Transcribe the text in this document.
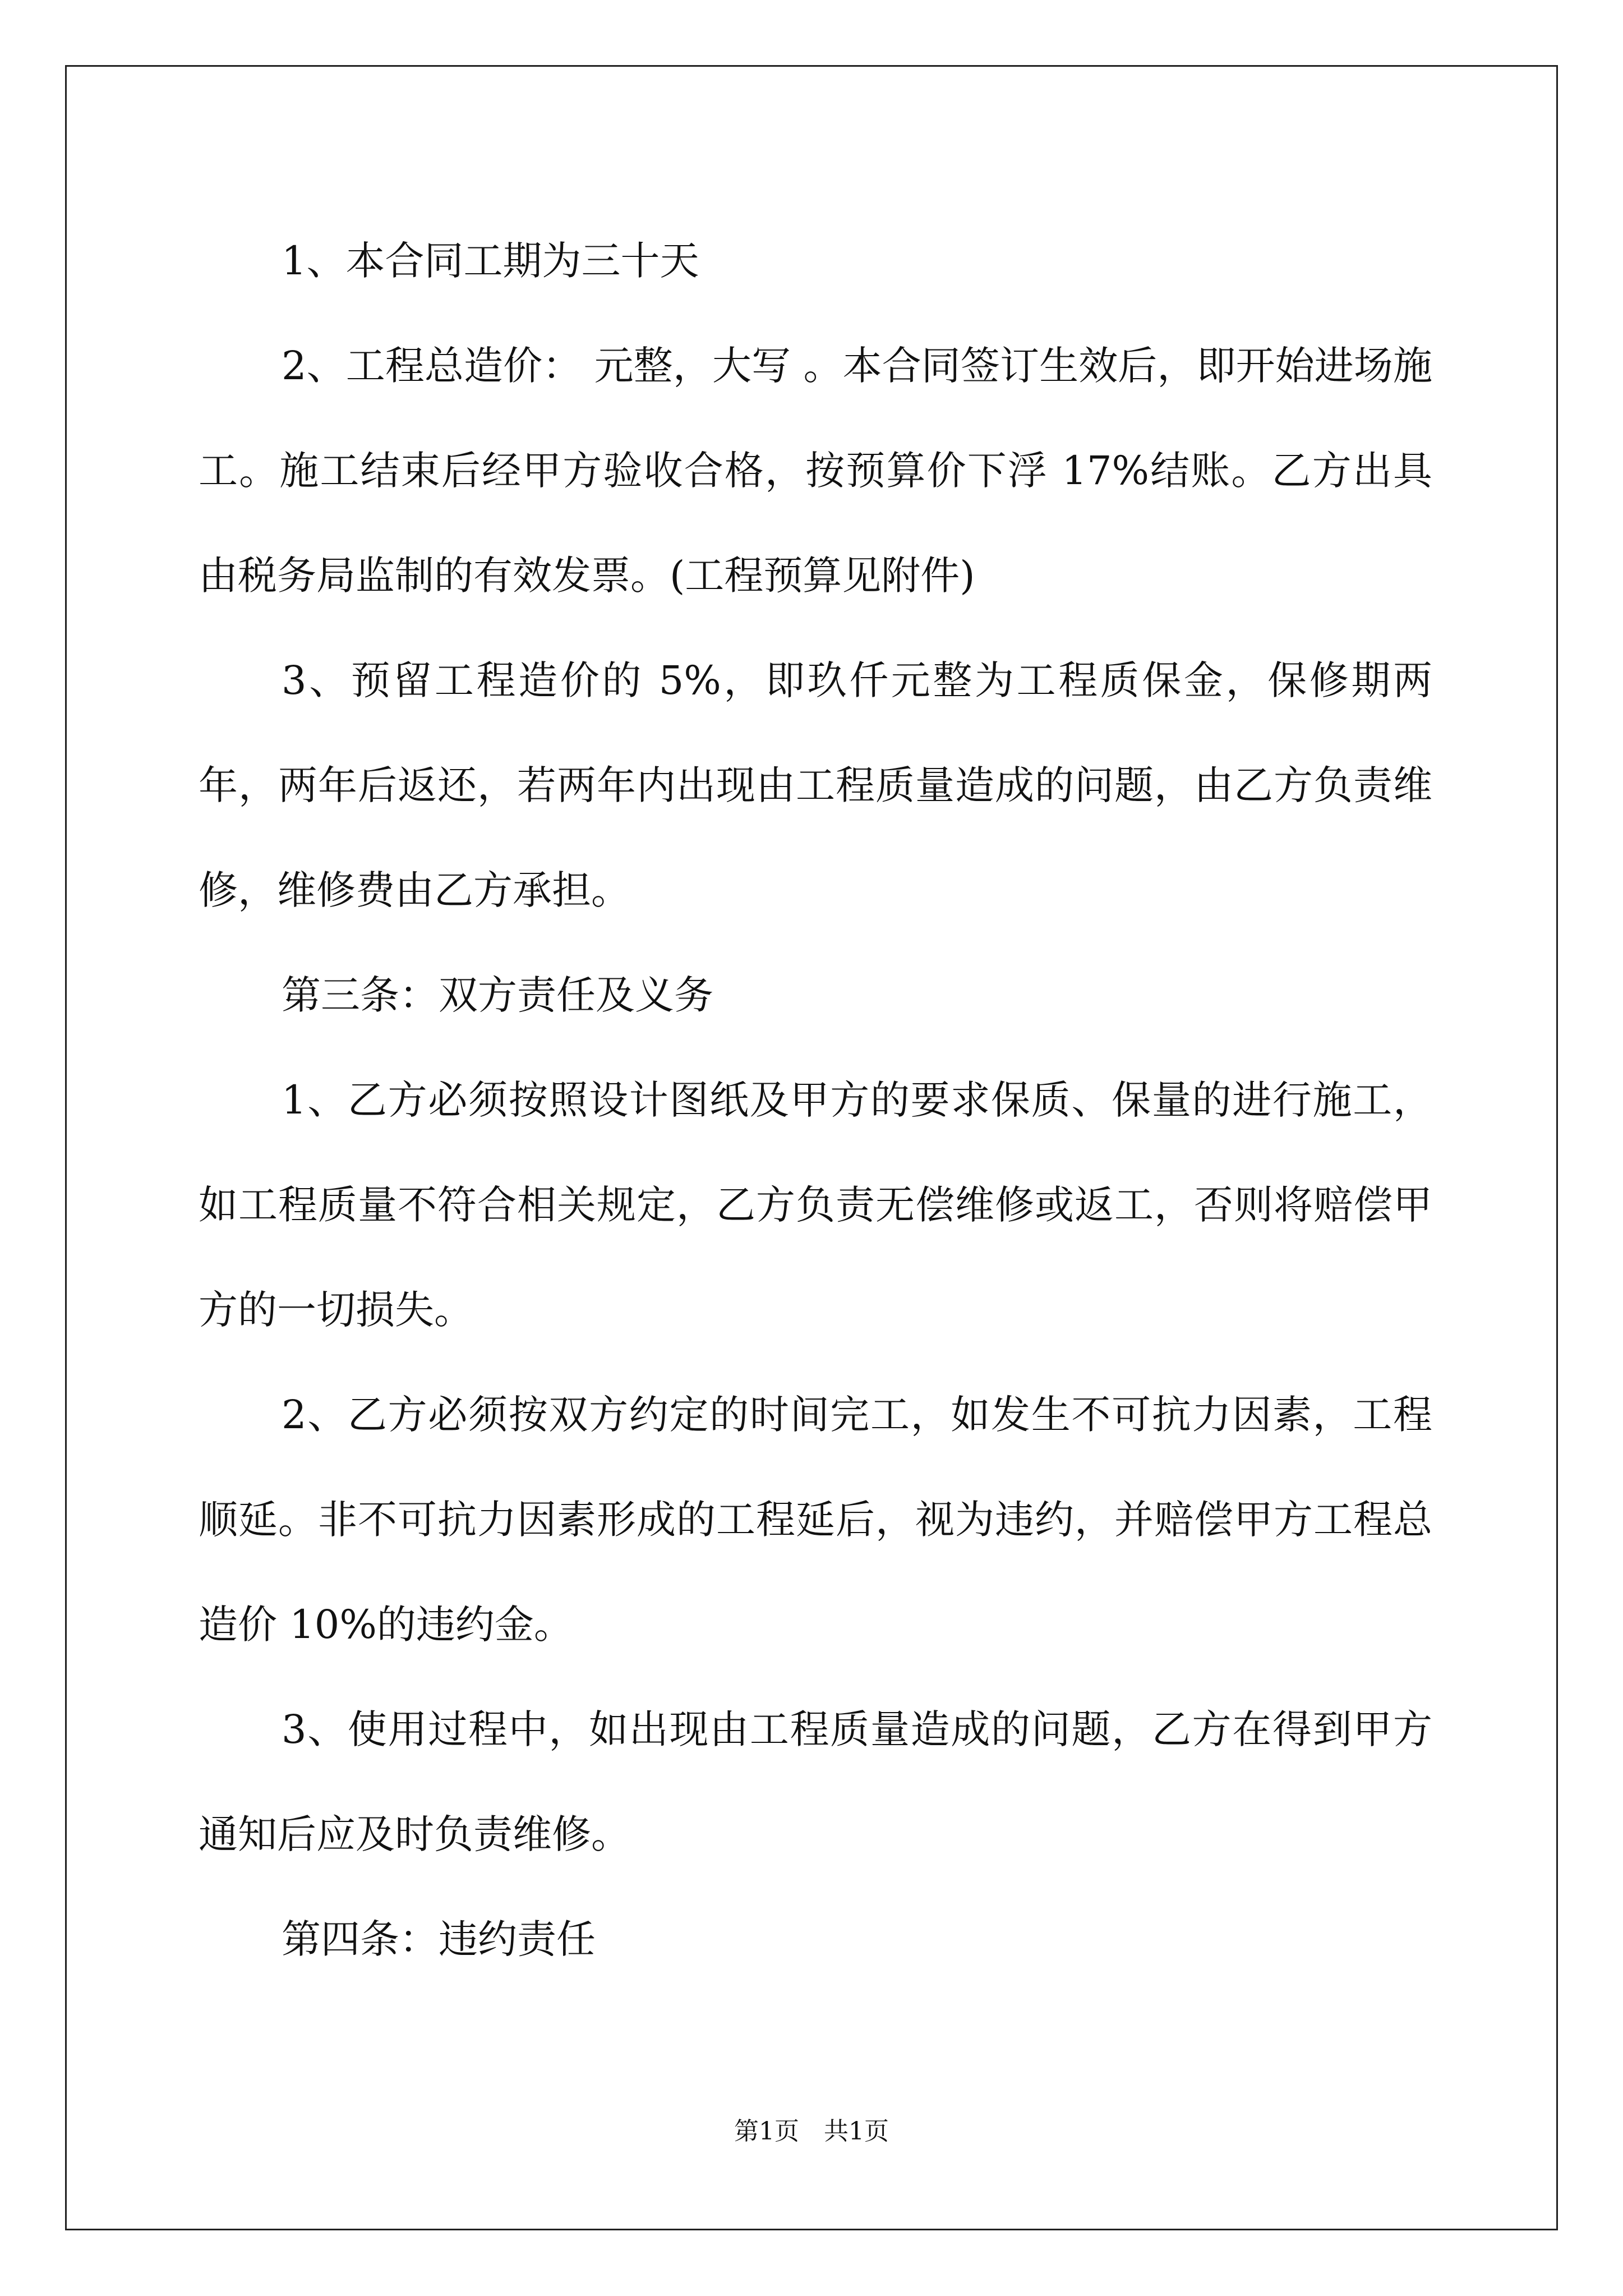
1、本合同工期为三十天

2、工程总造价： 元整，大写 。本合同签订生效后，即开始进场施工。施工结束后经甲方验收合格，按预算价下浮 17%结账。乙方出具由税务局监制的有效发票。(工程预算见附件)

3、预留工程造价的 5%，即玖仟元整为工程质保金，保修期两年，两年后返还，若两年内出现由工程质量造成的问题，由乙方负责维修，维修费由乙方承担。

第三条：双方责任及义务

1、乙方必须按照设计图纸及甲方的要求保质、保量的进行施工，如工程质量不符合相关规定，乙方负责无偿维修或返工，否则将赔偿甲方的一切损失。

2、乙方必须按双方约定的时间完工，如发生不可抗力因素，工程顺延。非不可抗力因素形成的工程延后，视为违约，并赔偿甲方工程总造价 10%的违约金。

3、使用过程中，如出现由工程质量造成的问题，乙方在得到甲方通知后应及时负责维修。

第四条：违约责任

第1页 共1页
